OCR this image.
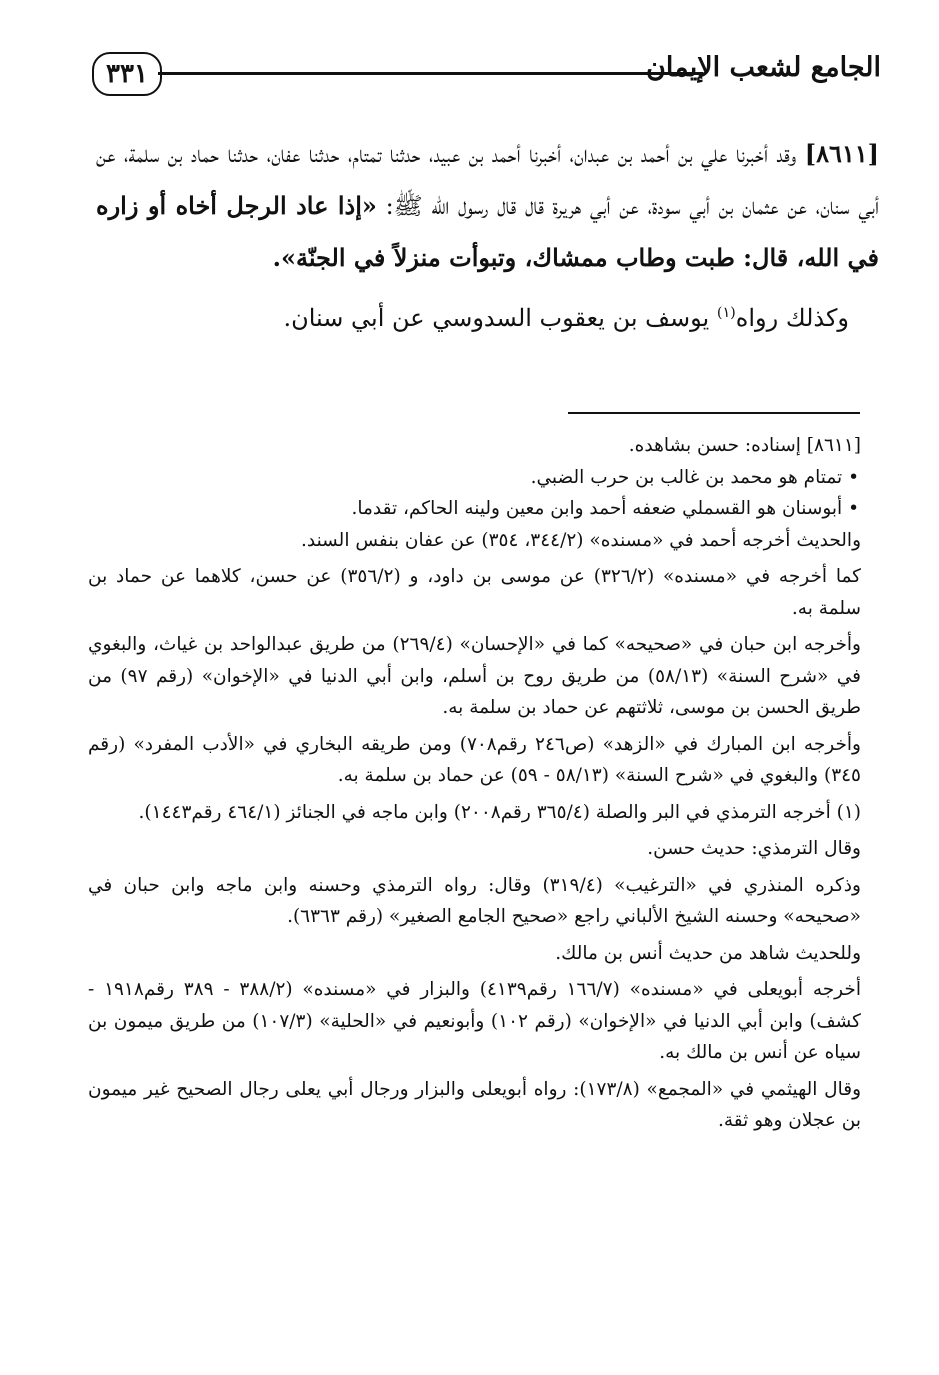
الجامع لشعب الإيمان
٣٣١

[٨٦١١] وقد أخبرنا علي بن أحمد بن عبدان، أخبرنا أحمد بن عبيد، حدثنا تمتام، حدثنا عفان، حدثنا حماد بن سلمة، عن أبي سنان، عن عثمان بن أبي سودة، عن أبي هريرة قال قال رسول الله ﷺ: «إذا عاد الرجل أخاه أو زاره في الله، قال: طبت وطاب ممشاك، وتبوأت منزلاً في الجنّة».

وكذلك رواه$^{(١)}$ يوسف بن يعقوب السدوسي عن أبي سنان.

[٨٦١١] إسناده: حسن بشاهده.

• تمتام هو محمد بن غالب بن حرب الضبي.

• أبوسنان هو القسملي ضعفه أحمد وابن معين ولينه الحاكم، تقدما.

والحديث أخرجه أحمد في «مسنده» (٣٤٤/٢، ٣٥٤) عن عفان بنفس السند.

كما أخرجه في «مسنده» (٣٢٦/٢) عن موسى بن داود، و (٣٥٦/٢) عن حسن، كلاهما عن حماد بن سلمة به.

وأخرجه ابن حبان في «صحيحه» كما في «الإحسان» (٢٦٩/٤) من طريق عبدالواحد بن غياث، والبغوي في «شرح السنة» (٥٨/١٣) من طريق روح بن أسلم، وابن أبي الدنيا في «الإخوان» (رقم ٩٧) من طريق الحسن بن موسى، ثلاثتهم عن حماد بن سلمة به.

وأخرجه ابن المبارك في «الزهد» (ص٢٤٦ رقم٧٠٨) ومن طريقه البخاري في «الأدب المفرد» (رقم ٣٤٥) والبغوي في «شرح السنة» (٥٨/١٣ - ٥٩) عن حماد بن سلمة به.

(١) أخرجه الترمذي في البر والصلة (٣٦٥/٤ رقم٢٠٠٨) وابن ماجه في الجنائز (٤٦٤/١ رقم١٤٤٣).

وقال الترمذي: حديث حسن.

وذكره المنذري في «الترغيب» (٣١٩/٤) وقال: رواه الترمذي وحسنه وابن ماجه وابن حبان في «صحيحه» وحسنه الشيخ الألباني راجع «صحيح الجامع الصغير» (رقم ٦٣٦٣).

وللحديث شاهد من حديث أنس بن مالك.

أخرجه أبويعلى في «مسنده» (١٦٦/٧ رقم٤١٣٩) والبزار في «مسنده» (٣٨٨/٢ - ٣٨٩ رقم١٩١٨ - كشف) وابن أبي الدنيا في «الإخوان» (رقم ١٠٢) وأبونعيم في «الحلية» (١٠٧/٣) من طريق ميمون بن سياه عن أنس بن مالك به.

وقال الهيثمي في «المجمع» (١٧٣/٨): رواه أبويعلى والبزار ورجال أبي يعلى رجال الصحيح غير ميمون بن عجلان وهو ثقة.
